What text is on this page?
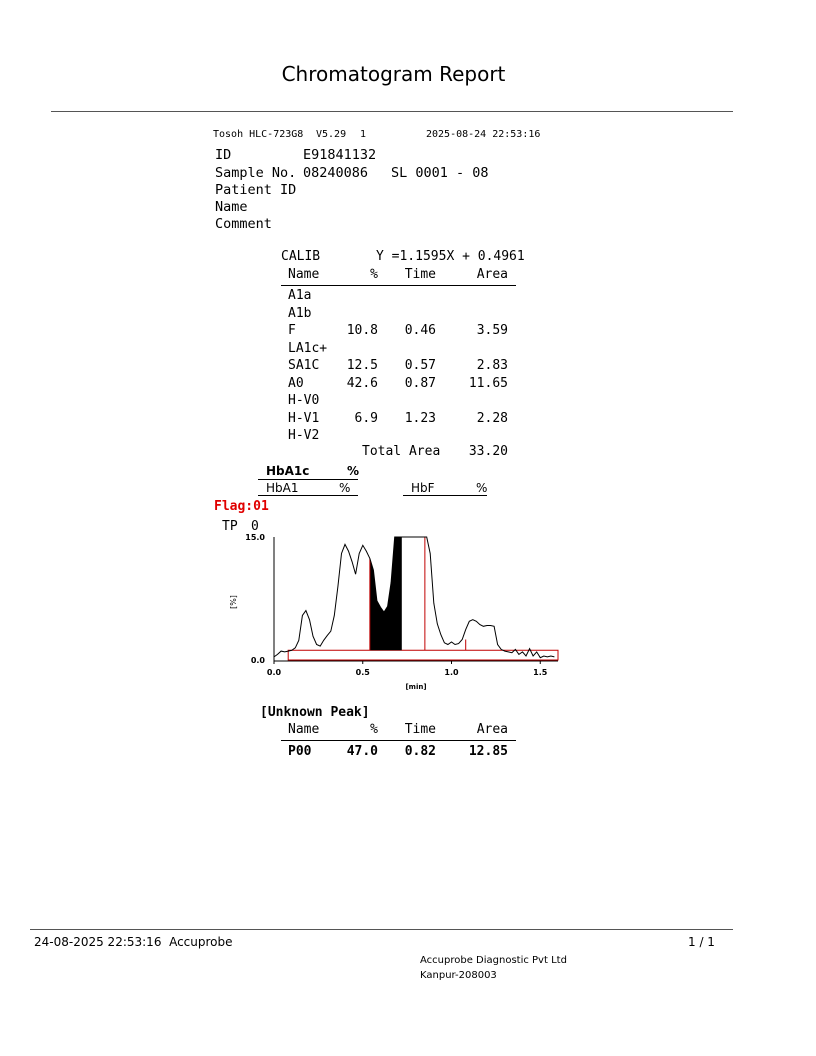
Chromatogram Report
Tosoh HLC-723G8 V5.29 1	2025-08-24 22:53:16
ID	E91841132
Sample No. 08240086 SL 0001 - 08
Patient ID
Name
Comment
CALIB	Y =1.1595X + 0.4961
Name	%	Time	Area
A1a
A1b
F	10.8	0.46	3.59
LA1c+
SA1C	12.5	0.57	2.83
A0	42.6	0.87	11.65
H-V0
H-V1	6.9	1.23	2.28
H-V2
Total Area	33.20
HbA1c	%
HbA1	%	HbF	%
Flag:01
TP 0
0.0
15.0
[%]
0.0	0.5	1.0	1.5
[min]
[Unknown Peak]
Name	%	Time	Area
P00	47.0	0.82	12.85
24-08-2025 22:53:16  Accuprobe	1 / 1
Accuprobe Diagnostic Pvt Ltd
Kanpur-208003
